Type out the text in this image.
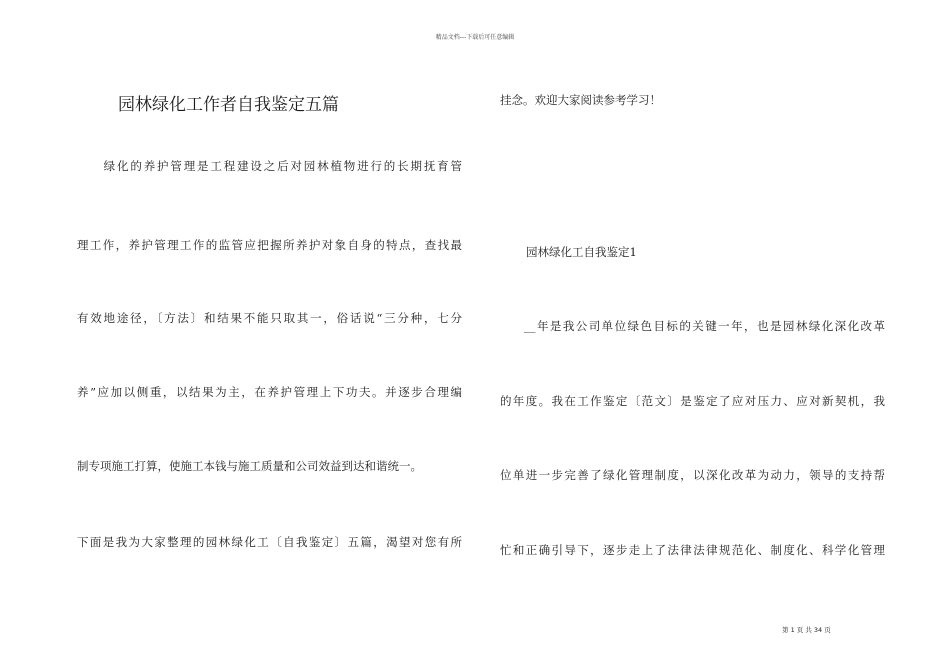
精品文档---下载后可任意编辑
园林绿化工作者自我鉴定五篇
　　绿化的养护管理是工程建设之后对园林植物进行的长期抚育管
理工作，养护管理工作的监管应把握所养护对象自身的特点，查找最
有效地途径，〔方法〕和结果不能只取其一，俗话说“三分种，七分
养”应加以侧重，以结果为主，在养护管理上下功夫。并逐步合理编
制专项施工打算，使施工本钱与施工质量和公司效益到达和谐统一。
下面是我为大家整理的园林绿化工〔自我鉴定〕五篇，渴望对您有所
挂念。欢迎大家阅读参考学习！
园林绿化工自我鉴定1
__年是我公司单位绿色目标的关键一年，也是园林绿化深化改革
的年度。我在工作鉴定〔范文〕是鉴定了应对压力、应对新契机，我
位单进一步完善了绿化管理制度，以深化改革为动力，领导的支持帮
忙和正确引导下，逐步走上了法律法律规范化、制度化、科学化管理
第 1 页 共 34 页
